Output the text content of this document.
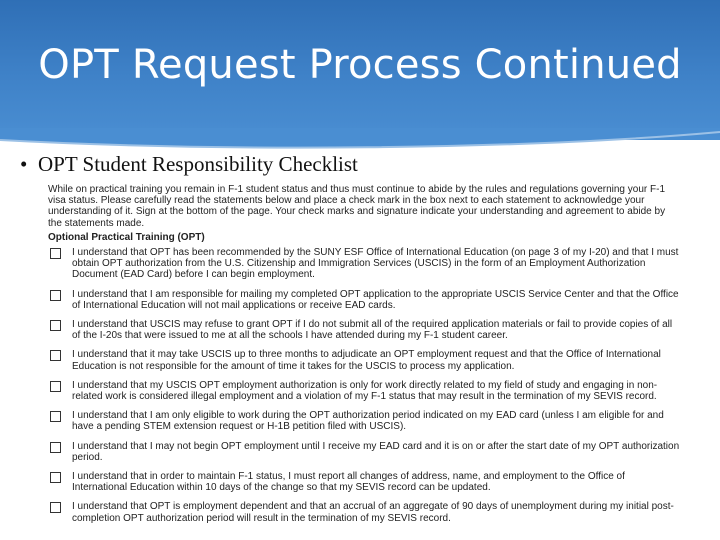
OPT Request Process Continued
• OPT Student Responsibility Checklist

While on practical training you remain in F-1 student status and thus must continue to abide by the rules and regulations governing your F-1 visa status. Please carefully read the statements below and place a check mark in the box next to each statement to acknowledge your understanding of it. Sign at the bottom of the page. Your check marks and signature indicate your understanding and agreement to abide by the statements made.

Optional Practical Training (OPT)
I understand that OPT has been recommended by the SUNY ESF Office of International Education (on page 3 of my I-20) and that I must obtain OPT authorization from the U.S. Citizenship and Immigration Services (USCIS) in the form of an Employment Authorization Document (EAD Card) before I can begin employment.
I understand that I am responsible for mailing my completed OPT application to the appropriate USCIS Service Center and that the Office of International Education will not mail applications or receive EAD cards.
I understand that USCIS may refuse to grant OPT if I do not submit all of the required application materials or fail to provide copies of all of the I-20s that were issued to me at all the schools I have attended during my F-1 student career.
I understand that it may take USCIS up to three months to adjudicate an OPT employment request and that the Office of International Education is not responsible for the amount of time it takes for the USCIS to process my application.
I understand that my USCIS OPT employment authorization is only for work directly related to my field of study and engaging in non-related work is considered illegal employment and a violation of my F-1 status that may result in the termination of my SEVIS record.
I understand that I am only eligible to work during the OPT authorization period indicated on my EAD card (unless I am eligible for and have a pending STEM extension request or H-1B petition filed with USCIS).
I understand that I may not begin OPT employment until I receive my EAD card and it is on or after the start date of my OPT authorization period.
I understand that in order to maintain F-1 status, I must report all changes of address, name, and employment to the Office of International Education within 10 days of the change so that my SEVIS record can be updated.
I understand that OPT is employment dependent and that an accrual of an aggregate of 90 days of unemployment during my initial post-completion OPT authorization period will result in the termination of my SEVIS record.
